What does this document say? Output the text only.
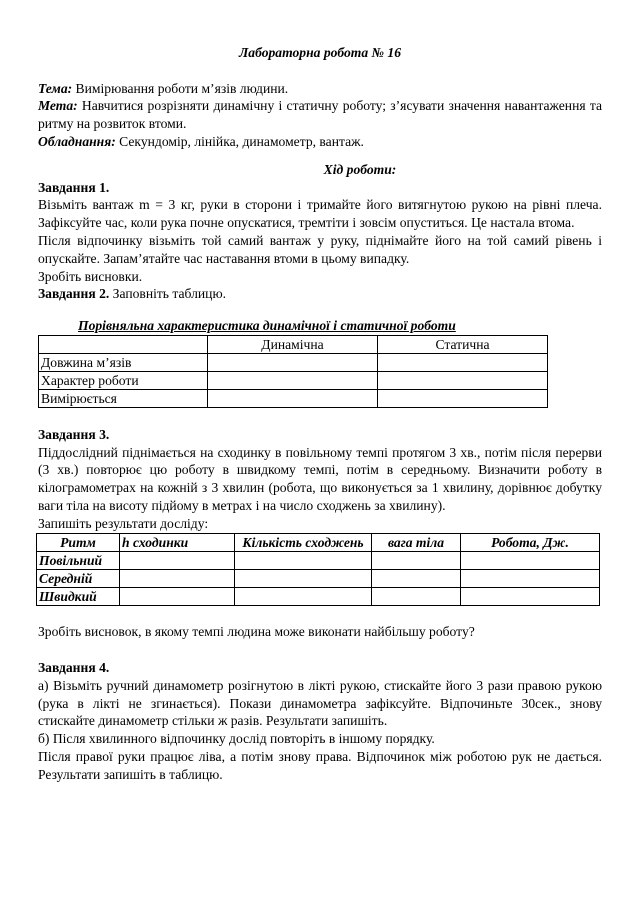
Лабораторна робота № 16

Тема: Вимірювання роботи м’язів людини.

Мета: Навчитися розрізняти динамічну і статичну роботу; з’ясувати значення навантаження та ритму на розвиток втоми.

Обладнання: Секундомір, лінійка, динамометр, вантаж.

Хід роботи:

Завдання 1.

Візьміть вантаж m = 3 кг, руки в сторони і тримайте його витягнутою рукою на рівні плеча. Зафіксуйте час, коли рука почне опускатися, тремтіти і зовсім опуститься. Це настала втома.

Після відпочинку візьміть той самий вантаж у руку, піднімайте його на той самий рівень і опускайте. Запам’ятайте час наставання втоми в цьому випадку.

Зробіть висновки.

Завдання 2. Заповніть таблицю.

Порівняльна характеристика динамічної і статичної роботи

	Динамічна	Статична
Довжина м’язів		
Характер роботи		
Вимірюється		

Завдання 3.

Піддослідний піднімається на сходинку в повільному темпі протягом 3 хв., потім після перерви (3 хв.) повторює цю роботу в швидкому темпі, потім в середньому. Визначити роботу в кілограмометрах на кожній з 3 хвилин (робота, що виконується за 1 хвилину, дорівнює добутку ваги тіла на висоту підйому в метрах і на число сходжень за хвилину).

Запишіть результати досліду:

Ритм	h сходинки	Кількість сходжень	вага тіла	Робота, Дж.
Повільний				
Середній				
Швидкий				

Зробіть висновок, в якому темпі людина може виконати найбільшу роботу?

Завдання 4.

а) Візьміть ручний динамометр розігнутою в лікті рукою, стискайте його 3 рази правою рукою (рука в лікті не згинається). Покази динамометра зафіксуйте. Відпочиньте 30сек., знову стискайте динамометр стільки ж разів. Результати запишіть.

б) Після хвилинного відпочинку дослід повторіть в іншому порядку.

Після правої руки працює ліва, а потім знову права. Відпочинок між роботою рук не дається. Результати запишіть в таблицю.
